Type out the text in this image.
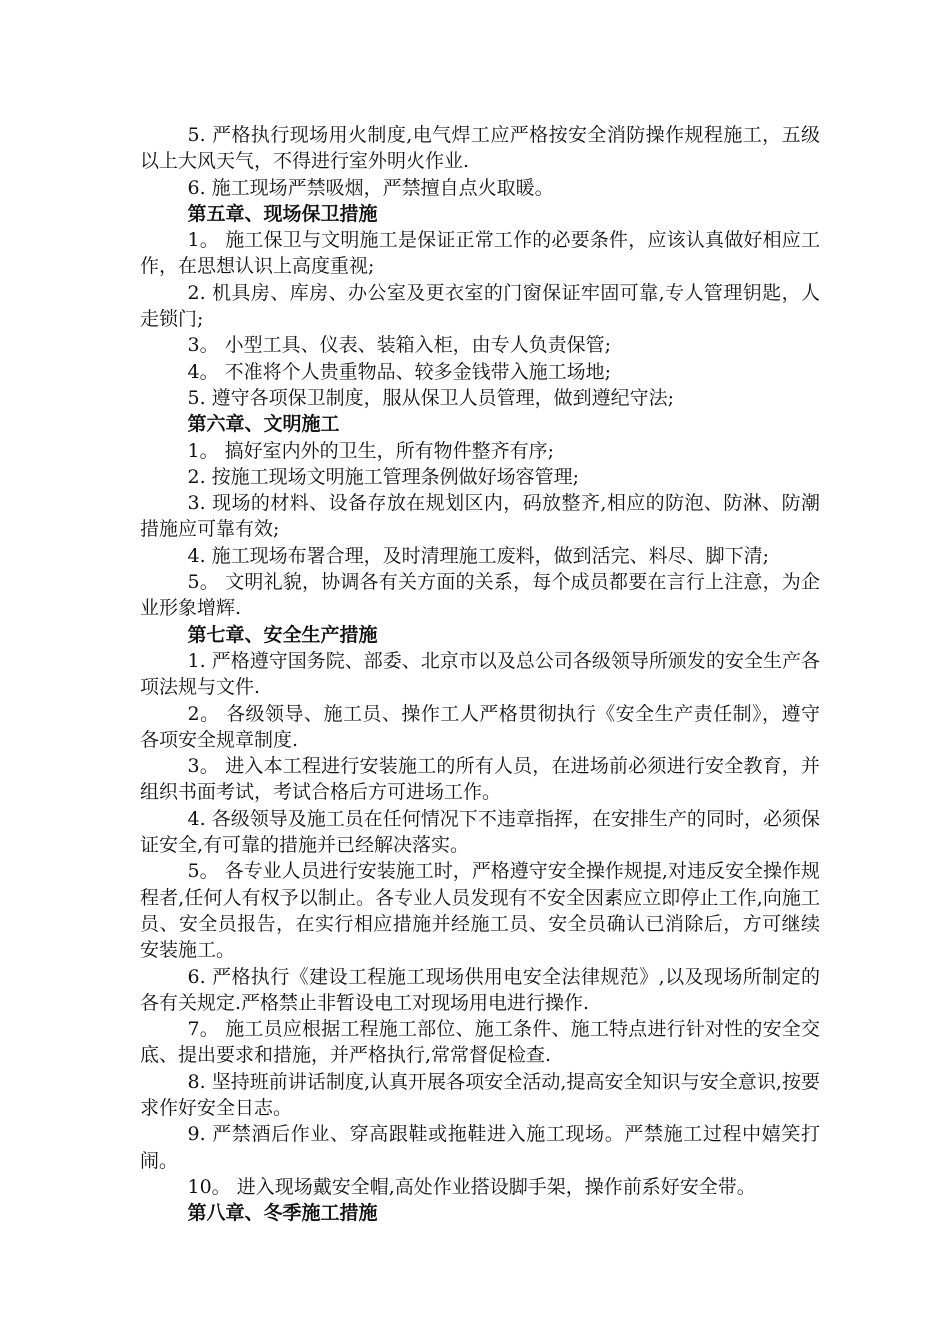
5. 严格执行现场用火制度,电气焊工应严格按安全消防操作规程施工，五级以上大风天气，不得进行室外明火作业.

6. 施工现场严禁吸烟，严禁擅自点火取暖。

第五章、现场保卫措施

1。 施工保卫与文明施工是保证正常工作的必要条件，应该认真做好相应工作，在思想认识上高度重视;

2. 机具房、库房、办公室及更衣室的门窗保证牢固可靠,专人管理钥匙，人走锁门;

3。 小型工具、仪表、装箱入柜，由专人负责保管;

4。 不准将个人贵重物品、较多金钱带入施工场地;

5. 遵守各项保卫制度，服从保卫人员管理，做到遵纪守法;

第六章、文明施工

1。 搞好室内外的卫生，所有物件整齐有序;

2. 按施工现场文明施工管理条例做好场容管理;

3. 现场的材料、设备存放在规划区内，码放整齐,相应的防泡、防淋、防潮措施应可靠有效;

4. 施工现场布署合理，及时清理施工废料，做到活完、料尽、脚下清;

5。 文明礼貌，协调各有关方面的关系，每个成员都要在言行上注意，为企业形象增辉.

第七章、安全生产措施

1. 严格遵守国务院、部委、北京市以及总公司各级领导所颁发的安全生产各项法规与文件.

2。 各级领导、施工员、操作工人严格贯彻执行《安全生产责任制》，遵守各项安全规章制度.

3。 进入本工程进行安装施工的所有人员，在进场前必须进行安全教育，并组织书面考试，考试合格后方可进场工作。

4. 各级领导及施工员在任何情况下不违章指挥，在安排生产的同时，必须保证安全,有可靠的措施并已经解决落实。

5。 各专业人员进行安装施工时，严格遵守安全操作规提,对违反安全操作规程者,任何人有权予以制止。各专业人员发现有不安全因素应立即停止工作,向施工员、安全员报告，在实行相应措施并经施工员、安全员确认已消除后，方可继续安装施工。

6. 严格执行《建设工程施工现场供用电安全法律规范》,以及现场所制定的各有关规定.严格禁止非暂设电工对现场用电进行操作.

7。 施工员应根据工程施工部位、施工条件、施工特点进行针对性的安全交底、提出要求和措施，并严格执行,常常督促检查.

8. 坚持班前讲话制度,认真开展各项安全活动,提高安全知识与安全意识,按要求作好安全日志。

9. 严禁酒后作业、穿高跟鞋或拖鞋进入施工现场。严禁施工过程中嬉笑打闹。

10。 进入现场戴安全帽,高处作业搭设脚手架，操作前系好安全带。

第八章、冬季施工措施
